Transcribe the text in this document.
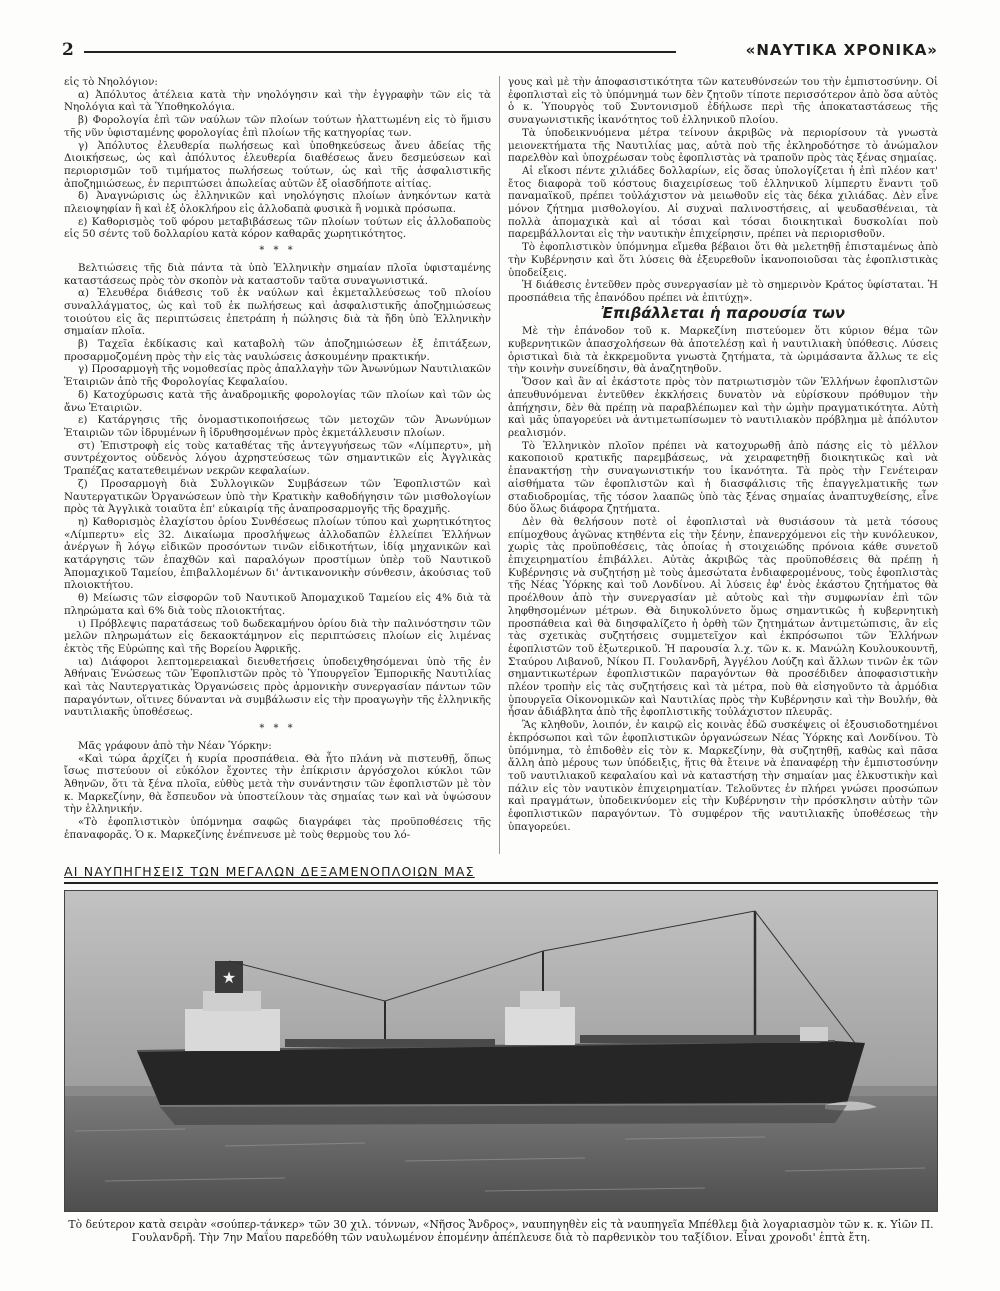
2	«ΝΑΥΤΙΚΑ ΧΡΟΝΙΚΑ»

εἰς τὸ Νηολόγιον:

α) Ἀπόλυτος ἀτέλεια κατὰ τὴν νηολόγησιν καὶ τὴν ἐγγραφὴν τῶν εἰς τὰ Νηολόγια καὶ τὰ Ὑποθηκολόγια.

β) Φορολογία ἐπὶ τῶν ναύλων τῶν πλοίων τούτων ἠλαττωμένη εἰς τὸ ἥμισυ τῆς νῦν ὑφισταμένης φορολογίας ἐπὶ πλοίων τῆς κατηγορίας των.

γ) Ἀπόλυτος ἐλευθερία πωλήσεως καὶ ὑποθηκεύσεως ἄνευ ἀδείας τῆς Διοικήσεως, ὡς καὶ ἀπόλυτος ἐλευθερία διαθέσεως ἄνευ δεσμεύσεων καὶ περιορισμῶν τοῦ τιμήματος πωλήσεως τούτων, ὡς καὶ τῆς ἀσφαλιστικῆς ἀποζημιώσεως, ἐν περιπτώσει ἀπωλείας αὐτῶν ἐξ οἱασδήποτε αἰτίας.

δ) Ἀναγνώρισις ὡς ἑλληνικῶν καὶ νηολόγησις πλοίων ἀνηκόντων κατὰ πλειοψηφίαν ἢ καὶ ἐξ ὁλοκλήρου εἰς ἀλλοδαπὰ φυσικὰ ἢ νομικὰ πρόσωπα.

ε) Καθορισμὸς τοῦ φόρου μεταβιβάσεως τῶν πλοίων τούτων εἰς ἀλλοδαποὺς εἰς 50 σέντς τοῦ δολλαρίου κατὰ κόρον καθαρᾶς χωρητικότητος.

* * *

Βελτιώσεις τῆς διὰ πάντα τὰ ὑπὸ Ἑλληνικὴν σημαίαν πλοῖα ὑφισταμένης καταστάσεως πρὸς τὸν σκοπὸν νὰ καταστοῦν ταῦτα συναγωνιστικά.

α) Ἐλευθέρα διάθεσις τοῦ ἐκ ναύλων καὶ ἐκμεταλλεύσεως τοῦ πλοίου συναλλάγματος, ὡς καὶ τοῦ ἐκ πωλήσεως καὶ ἀσφαλιστικῆς ἀποζημιώσεως τοιούτου εἰς ἃς περιπτώσεις ἐπετράπη ἡ πώλησις διὰ τὰ ἤδη ὑπὸ Ἑλληνικὴν σημαίαν πλοῖα.

β) Ταχεῖα ἐκδίκασις καὶ καταβολὴ τῶν ἀποζημιώσεων ἐξ ἐπιτάξεων, προσαρμοζομένη πρὸς τὴν εἰς τὰς ναυλώσεις ἀσκουμένην πρακτικήν.

γ) Προσαρμογὴ τῆς νομοθεσίας πρὸς ἀπαλλαγὴν τῶν Ἀνωνύμων Ναυτιλιακῶν Ἑταιριῶν ἀπὸ τῆς Φορολογίας Κεφαλαίου.

δ) Κατοχύρωσις κατὰ τῆς ἀναδρομικῆς φορολογίας τῶν πλοίων καὶ τῶν ὡς ἄνω Ἑταιριῶν.

ε) Κατάργησις τῆς ὀνομαστικοποιήσεως τῶν μετοχῶν τῶν Ἀνωνύμων Ἑταιριῶν τῶν ἱδρυμένων ἢ ἱδρυθησομένων πρὸς ἐκμετάλλευσιν πλοίων.

στ) Ἐπιστροφὴ εἰς τοὺς καταθέτας τῆς ἀντεγγυήσεως τῶν «Λίμπερτυ», μὴ συντρέχοντος οὐδενὸς λόγου ἀχρηστεύσεως τῶν σημαντικῶν εἰς Ἀγγλικὰς Τραπέζας κατατεθειμένων νεκρῶν κεφαλαίων.

ζ) Προσαρμογὴ διὰ Συλλογικῶν Συμβάσεων τῶν Ἐφοπλιστῶν καὶ Ναυτεργατικῶν Ὀργανώσεων ὑπὸ τὴν Κρατικὴν καθοδήγησιν τῶν μισθολογίων πρὸς τὰ Ἀγγλικὰ τοιαῦτα ἐπ' εὐκαιρίᾳ τῆς ἀναπροσαρμογῆς τῆς δραχμῆς.

η) Καθορισμὸς ἐλαχίστου ὁρίου Συνθέσεως πλοίων τύπου καὶ χωρητικότητος «Λίμπερτυ» εἰς 32. Δικαίωμα προσλήψεως ἀλλοδαπῶν ἐλλείπει Ἑλλήνων ἀνέργων ἢ λόγῳ εἰδικῶν προσόντων τινῶν εἰδικοτήτων, ἰδίᾳ μηχανικῶν καὶ κατάργησις τῶν ἐπαχθῶν καὶ παραλόγων προστίμων ὑπὲρ τοῦ Ναυτικοῦ Ἀπομαχικοῦ Ταμείου, ἐπιβαλλομένων δι' ἀντικανονικὴν σύνθεσιν, ἀκούσιας τοῦ πλοιοκτήτου.

θ) Μείωσις τῶν εἰσφορῶν τοῦ Ναυτικοῦ Ἀπομαχικοῦ Ταμείου εἰς 4% διὰ τὰ πληρώματα καὶ 6% διὰ τοὺς πλοιοκτήτας.

ι) Πρόβλεψις παρατάσεως τοῦ δωδεκαμήνου ὁρίου διὰ τὴν παλινόστησιν τῶν μελῶν πληρωμάτων εἰς δεκαοκτάμηνον εἰς περιπτώσεις πλοίων εἰς λιμένας ἐκτὸς τῆς Εὐρώπης καὶ τῆς Βορείου Ἀφρικῆς.

ια) Διάφοροι λεπτομερειακαὶ διευθετήσεις ὑποδειχθησόμεναι ὑπὸ τῆς ἐν Ἀθήναις Ἑνώσεως τῶν Ἐφοπλιστῶν πρὸς τὸ Ὑπουργεῖον Ἐμπορικῆς Ναυτιλίας καὶ τὰς Ναυτεργατικὰς Ὀργανώσεις πρὸς ἁρμονικὴν συνεργασίαν πάντων τῶν παραγόντων, οἵτινες δύνανται νὰ συμβάλωσιν εἰς τὴν προαγωγὴν τῆς ἑλληνικῆς ναυτιλιακῆς ὑποθέσεως.

* * *

Μᾶς γράφουν ἀπὸ τὴν Νέαν Ὑόρκην:

«Καὶ τώρα ἀρχίζει ἡ κυρία προσπάθεια. Θὰ ἦτο πλάνη νὰ πιστευθῇ, ὅπως ἴσως πιστεύουν οἱ εὐκόλον ἔχοντες τὴν ἐπίκρισιν ἀργόσχολοι κύκλοι τῶν Ἀθηνῶν, ὅτι τὰ ξένα πλοῖα, εὐθὺς μετὰ τὴν συνάντησιν τῶν ἐφοπλιστῶν μὲ τὸν κ. Μαρκεζίνην, θὰ ἔσπευδον νὰ ὑποστείλουν τὰς σημαίας των καὶ νὰ ὑψώσουν τὴν ἑλληνικήν.

«Τὸ ἐφοπλιστικὸν ὑπόμνημα σαφῶς διαγράφει τὰς προϋποθέσεις τῆς ἐπαναφορᾶς. Ὁ κ. Μαρκεζίνης ἐνέπνευσε μὲ τοὺς θερμοὺς του λό-

γους καὶ μὲ τὴν ἀποφασιστικότητα τῶν κατευθύνσεών του τὴν ἐμπιστοσύνην. Οἱ ἐφοπλισταὶ εἰς τὸ ὑπόμνημά των δὲν ζητοῦν τίποτε περισσότερον ἀπὸ ὅσα αὐτὸς ὁ κ. Ὑπουργὸς τοῦ Συντονισμοῦ ἐδήλωσε περὶ τῆς ἀποκαταστάσεως τῆς συναγωνιστικῆς ἱκανότητος τοῦ ἑλληνικοῦ πλοίου.

Τὰ ὑποδεικνυόμενα μέτρα τείνουν ἀκριβῶς νὰ περιορίσουν τὰ γνωστὰ μειονεκτήματα τῆς Ναυτιλίας μας, αὐτὰ ποὺ τῆς ἐκληροδότησε τὸ ἀνώμαλον παρελθὸν καὶ ὑποχρέωσαν τοὺς ἐφοπλιστὰς νὰ τραποῦν πρὸς τὰς ξένας σημαίας.

Αἱ εἴκοσι πέντε χιλιάδες δολλαρίων, εἰς ὅσας ὑπολογίζεται ἡ ἐπὶ πλέον κατ' ἔτος διαφορὰ τοῦ κόστους διαχειρίσεως τοῦ ἑλληνικοῦ λίμπερτυ ἔναντι τοῦ παναμαϊκοῦ, πρέπει τοὐλάχιστον νὰ μειωθοῦν εἰς τὰς δέκα χιλιάδας. Δὲν εἶνε μόνον ζήτημα μισθολογίου. Αἱ συχναὶ παλινοστήσεις, αἱ ψευδασθένειαι, τὰ πολλὰ ἀπομαχικὰ καὶ αἱ τόσαι καὶ τόσαι διοικητικαὶ δυσκολίαι ποὺ παρεμβάλλονται εἰς τὴν ναυτικὴν ἐπιχείρησιν, πρέπει νὰ περιορισθοῦν.

Τὸ ἐφοπλιστικὸν ὑπόμνημα εἴμεθα βέβαιοι ὅτι θὰ μελετηθῇ ἐπισταμένως ἀπὸ τὴν Κυβέρνησιν καὶ ὅτι λύσεις θὰ ἐξευρεθοῦν ἱκανοποιοῦσαι τὰς ἐφοπλιστικὰς ὑποδείξεις.

Ἡ διάθεσις ἐντεῦθεν πρὸς συνεργασίαν μὲ τὸ σημερινὸν Κράτος ὑφίσταται. Ἡ προσπάθεια τῆς ἐπανόδου πρέπει νὰ ἐπιτύχῃ».

Ἐπιβάλλεται ἡ παρουσία των

Μὲ τὴν ἐπάνοδον τοῦ κ. Μαρκεζίνη πιστεύομεν ὅτι κύριον θέμα τῶν κυβερνητικῶν ἀπασχολήσεων θὰ ἀποτελέσῃ καὶ ἡ ναυτιλιακὴ ὑπόθεσις. Λύσεις ὁριστικαὶ διὰ τὰ ἐκκρεμοῦντα γνωστὰ ζητήματα, τὰ ὡριμάσαντα ἄλλως τε εἰς τὴν κοινὴν συνείδησιν, θὰ ἀναζητηθοῦν.

Ὅσον καὶ ἂν αἱ ἑκάστοτε πρὸς τὸν πατριωτισμὸν τῶν Ἑλλήνων ἐφοπλιστῶν ἀπευθυνόμεναι ἐντεῦθεν ἐκκλήσεις δυνατὸν νὰ εὑρίσκουν πρόθυμον τὴν ἀπήχησιν, δὲν θὰ πρέπῃ νὰ παραβλέπωμεν καὶ τὴν ὠμὴν πραγματικότητα. Αὐτὴ καὶ μᾶς ὑπαγορεύει νὰ ἀντιμετωπίσωμεν τὸ ναυτιλιακὸν πρόβλημα μὲ ἀπόλυτον ρεαλισμόν.

Τὸ Ἑλληνικὸν πλοῖον πρέπει νὰ κατοχυρωθῇ ἀπὸ πάσης εἰς τὸ μέλλον κακοποιοῦ κρατικῆς παρεμβάσεως, νὰ χειραφετηθῇ διοικητικῶς καὶ νὰ ἐπανακτήσῃ τὴν συναγωνιστικήν του ἱκανότητα. Τὰ πρὸς τὴν Γενέτειραν αἰσθήματα τῶν ἐφοπλιστῶν καὶ ἡ διασφάλισις τῆς ἐπαγγελματικῆς των σταδιοδρομίας, τῆς τόσον λααπῶς ὑπὸ τὰς ξένας σημαίας ἀναπτυχθείσης, εἶνε δύο ὅλως διάφορα ζητήματα.

Δὲν θὰ θελήσουν ποτὲ οἱ ἐφοπλισταὶ νὰ θυσιάσουν τὰ μετὰ τόσους επίμοχθους ἀγῶνας κτηθέντα εἰς τὴν ξένην, ἐπανερχόμενοι εἰς τὴν κυνόλευκον, χωρὶς τὰς προϋποθέσεις, τὰς ὁποίας ἡ στοιχειώδης πρόνοια κάθε συνετοῦ ἐπιχειρηματίου ἐπιβάλλει. Αὐτὰς ἀκριβῶς τὰς προϋποθέσεις θὰ πρέπῃ ἡ Κυβέρνησις νὰ συζητήσῃ μὲ τοὺς ἀμεσώτατα ἐνδιαφερομένους, τοὺς ἐφοπλιστὰς τῆς Νέας Ὑόρκης καὶ τοῦ Λονδίνου. Αἱ λύσεις ἐφ' ἑνὸς ἑκάστου ζητήματος θὰ προέλθουν ἀπὸ τὴν συνεργασίαν μὲ αὐτοὺς καὶ τὴν συμφωνίαν ἐπὶ τῶν ληφθησομένων μέτρων. Θὰ διηυκολύνετο ὅμως σημαντικῶς ἡ κυβερνητικὴ προσπάθεια καὶ θὰ διησφαλίζετο ἡ ὀρθὴ τῶν ζητημάτων ἀντιμετώπισις, ἂν εἰς τὰς σχετικὰς συζητήσεις συμμετεῖχον καὶ ἐκπρόσωποι τῶν Ἑλλήνων ἐφοπλιστῶν τοῦ ἐξωτερικοῦ. Ἡ παρουσία λ.χ. τῶν κ. κ. Μανώλη Κουλουκουντῆ, Σταύρου Λιβανοῦ, Νίκου Π. Γουλανδρῆ, Ἀγγέλου Λούζη καὶ ἄλλων τινῶν ἐκ τῶν σημαντικωτέρων ἐφοπλιστικῶν παραγόντων θὰ προσέδιδεν ἀποφασιστικὴν πλέον τροπὴν εἰς τὰς συζητήσεις καὶ τὰ μέτρα, ποὺ θὰ εἰσηγοῦντο τὰ ἁρμόδια ὑπουργεῖα Οἰκονομικῶν καὶ Ναυτιλίας πρὸς τὴν Κυβέρνησιν καὶ τὴν Βουλήν, θὰ ἦσαν ἀδιάβλητα ἀπὸ τῆς ἐφοπλιστικῆς τοὐλάχιστον πλευρᾶς.

Ἂς κληθοῦν, λοιπόν, ἐν καιρῷ εἰς κοινὰς ἐδῶ συσκέψεις οἱ ἐξουσιοδοτημένοι ἐκπρόσωποι καὶ τῶν ἐφοπλιστικῶν ὀργανώσεων Νέας Ὑόρκης καὶ Λονδίνου. Τὸ ὑπόμνημα, τὸ ἐπιδοθὲν εἰς τὸν κ. Μαρκεζίνην, θὰ συζητηθῇ, καθὼς καὶ πᾶσα ἄλλη ἀπὸ μέρους των ὑπόδειξις, ἥτις θὰ ἔτεινε νὰ ἐπαναφέρῃ τὴν ἐμπιστοσύνην τοῦ ναυτιλιακοῦ κεφαλαίου καὶ νὰ καταστήσῃ τὴν σημαίαν μας ἑλκυστικὴν καὶ πάλιν εἰς τὸν ναυτικὸν ἐπιχειρηματίαν. Τελοῦντες ἐν πλήρει γνώσει προσώπων καὶ πραγμάτων, ὑποδεικνύομεν εἰς τὴν Κυβέρνησιν τὴν πρόσκλησιν αὐτὴν τῶν ἐφοπλιστικῶν παραγόντων. Τὸ συμφέρον τῆς ναυτιλιακῆς ὑποθέσεως τὴν ὑπαγορεύει.

ΑΙ ΝΑΥΠΗΓΗΣΕΙΣ ΤΩΝ ΜΕΓΑΛΩΝ ΔΕΞΑΜΕΝΟΠΛΟΙΩΝ ΜΑΣ
★
Τὸ δεύτερον κατὰ σειρὰν «σούπερ-τάνκερ» τῶν 30 χιλ. τόννων, «Νῆσος Ἄνδρος», ναυπηγηθὲν εἰς τὰ ναυπηγεῖα Μπέθλεμ διὰ λογαριασμὸν τῶν κ. κ. Υἱῶν Π. Γουλανδρῆ. Τὴν 7ην Μαΐου παρεδόθη τῶν ναυλωμένον ἐπομένην ἀπέπλευσε διὰ τὸ παρθενικὸν του ταξίδιον. Εἶναι χρονοδι' ἑπτὰ ἔτη.
